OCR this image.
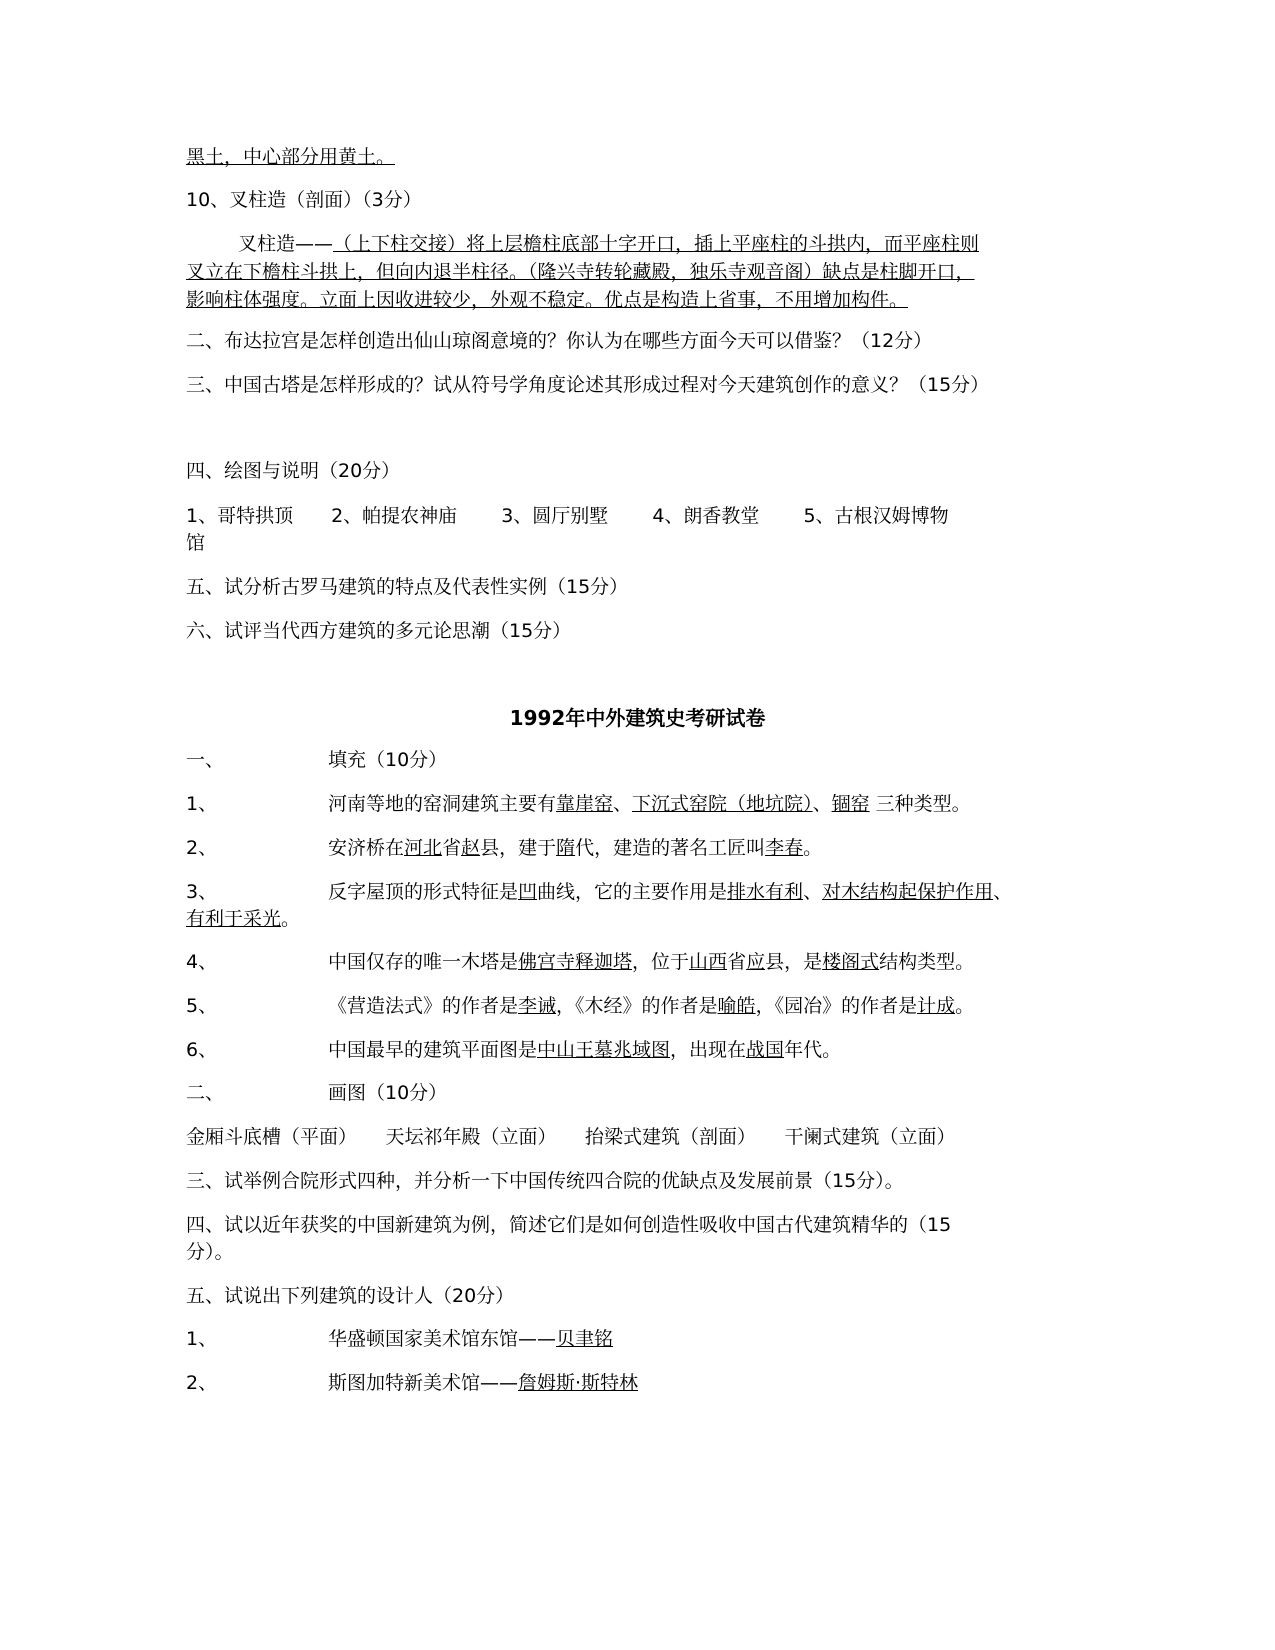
黑土，中心部分用黄土。
10、叉柱造（剖面）（3分）
叉柱造——（上下柱交接）将上层檐柱底部十字开口，插上平座柱的斗拱内，而平座柱则
叉立在下檐柱斗拱上，但向内退半柱径。（隆兴寺转轮藏殿，独乐寺观音阁）缺点是柱脚开口，
影响柱体强度。立面上因收进较少，外观不稳定。优点是构造上省事，不用增加构件。
二、布达拉宫是怎样创造出仙山琼阁意境的？你认为在哪些方面今天可以借鉴？（12分）
三、中国古塔是怎样形成的？试从符号学角度论述其形成过程对今天建筑创作的意义？（15分）
四、绘图与说明（20分）
1、哥特拱顶　　2、帕提农神庙　　 3、圆厅别墅　　 4、朗香教堂　　 5、古根汉姆博物
馆
五、试分析古罗马建筑的特点及代表性实例（15分）
六、试评当代西方建筑的多元论思潮（15分）
1992年中外建筑史考研试卷
一、	填充（10分）
1、	河南等地的窑洞建筑主要有靠崖窑、下沉式窑院（地坑院）、锢窑 三种类型。
2、	安济桥在河北省赵县，建于隋代，建造的著名工匠叫李春。
3、	反字屋顶的形式特征是凹曲线，它的主要作用是排水有利、对木结构起保护作用、
有利于采光。
4、	中国仅存的唯一木塔是佛宫寺释迦塔，位于山西省应县，是楼阁式结构类型。
5、	《营造法式》的作者是李诫，《木经》的作者是喻皓，《园冶》的作者是计成。
6、	中国最早的建筑平面图是中山王墓兆域图，出现在战国年代。
二、	画图（10分）
金厢斗底槽（平面）　　天坛祁年殿（立面）　　抬梁式建筑（剖面）　　干阑式建筑（立面）
三、试举例合院形式四种，并分析一下中国传统四合院的优缺点及发展前景（15分）。
四、试以近年获奖的中国新建筑为例，简述它们是如何创造性吸收中国古代建筑精华的（15
分）。
五、试说出下列建筑的设计人（20分）
1、	华盛顿国家美术馆东馆——贝聿铭
2、	斯图加特新美术馆——詹姆斯·斯特林
